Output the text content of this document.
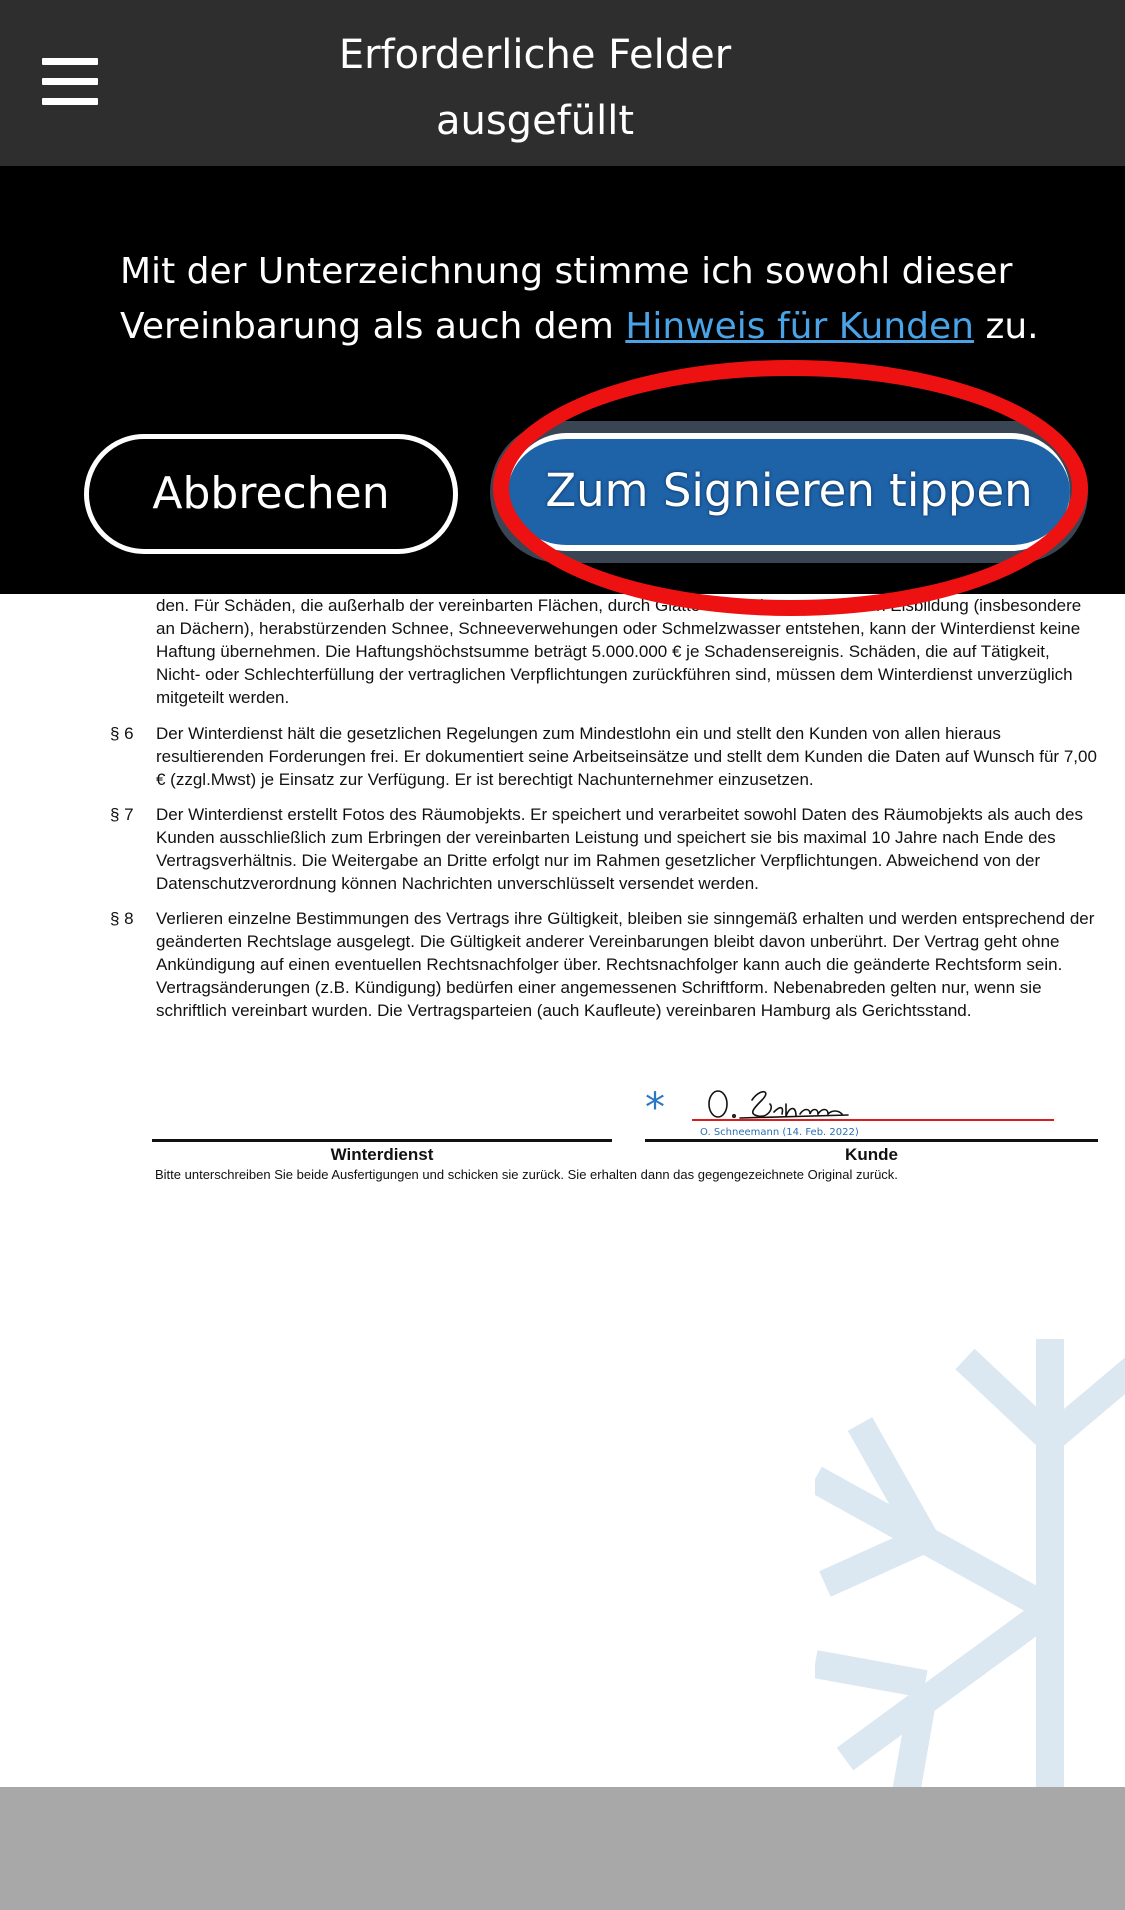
Erforderliche Felder ausgefüllt
Mit der Unterzeichnung stimme ich sowohl dieser Vereinbarung als auch dem Hinweis für Kunden zu.
Abbrechen	Zum Signieren tippen
den. Für Schäden, die außerhalb der vereinbarten Flächen, durch Glätte und Lichtzustand, durch Eisbildung (insbesondere an Dächern), herabstürzenden Schnee, Schneeverwehungen oder Schmelzwasser entstehen, kann der Winterdienst keine Haftung übernehmen. Die Haftungshöchstsumme beträgt 5.000.000 € je Schadensereignis. Schäden, die auf Tätigkeit, Nicht- oder Schlechterfüllung der vertraglichen Verpflichtungen zurückführen sind, müssen dem Winterdienst unverzüglich mitgeteilt werden.
§ 6	Der Winterdienst hält die gesetzlichen Regelungen zum Mindestlohn ein und stellt den Kunden von allen hieraus resultierenden Forderungen frei. Er dokumentiert seine Arbeitseinsätze und stellt dem Kunden die Daten auf Wunsch für 7,00 € (zzgl.Mwst) je Einsatz zur Verfügung. Er ist berechtigt Nachunternehmer einzusetzen.
§ 7	Der Winterdienst erstellt Fotos des Räumobjekts. Er speichert und verarbeitet sowohl Daten des Räumobjekts als auch des Kunden ausschließlich zum Erbringen der vereinbarten Leistung und speichert sie bis maximal 10 Jahre nach Ende des Vertragsverhältnis. Die Weitergabe an Dritte erfolgt nur im Rahmen gesetzlicher Verpflichtungen. Abweichend von der Datenschutzverordnung können Nachrichten unverschlüsselt versendet werden.
§ 8	Verlieren einzelne Bestimmungen des Vertrags ihre Gültigkeit, bleiben sie sinngemäß erhalten und werden entsprechend der geänderten Rechtslage ausgelegt. Die Gültigkeit anderer Vereinbarungen bleibt davon unberührt. Der Vertrag geht ohne Ankündigung auf einen eventuellen Rechtsnachfolger über. Rechtsnachfolger kann auch die geänderte Rechtsform sein. Vertragsänderungen (z.B. Kündigung) bedürfen einer angemessenen Schriftform. Nebenabreden gelten nur, wenn sie schriftlich vereinbart wurden. Die Vertragsparteien (auch Kaufleute) vereinbaren Hamburg als Gerichtsstand.
*
O. Schneemann (14. Feb. 2022)
Winterdienst	Kunde
Bitte unterschreiben Sie beide Ausfertigungen und schicken sie zurück. Sie erhalten dann das gegengezeichnete Original zurück.
